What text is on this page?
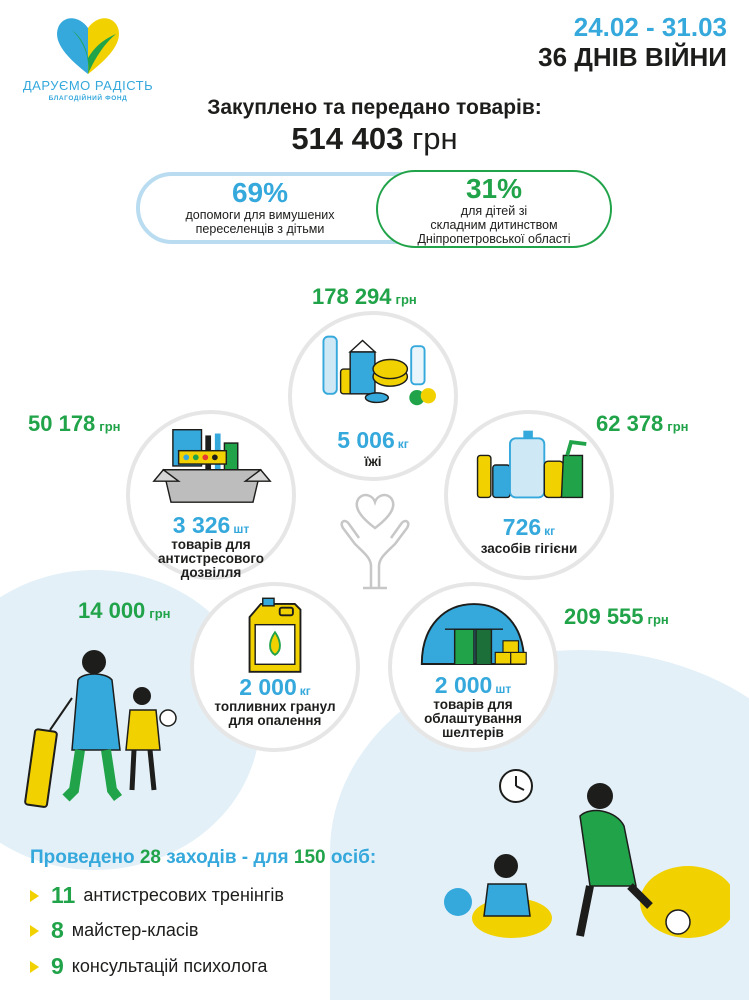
ДАРУЄМО РАДІСТЬ
БЛАГОДІЙНИЙ ФОНД
24.02 - 31.03
36 ДНІВ ВІЙНИ
Закуплено та передано товарів:
514 403 грн
69%
допомоги для вимушених
переселенців з дітьми
31%
для дітей зі
складним дитинством
Дніпропетровської області
178 294 грн
5 006 кг
їжі
50 178 грн
3 326 шт
товарів для
антистресового
дозвілля
62 378 грн
726 кг
засобів гігієни
14 000 грн
2 000 кг
топливних гранул
для опалення
209 555 грн
2 000 шт
товарів для
облаштування
шелтерів
Проведено 28 заходів - для 150 осіб:
11 антистресових тренінгів
8 майстер-класів
9 консультацій психолога
